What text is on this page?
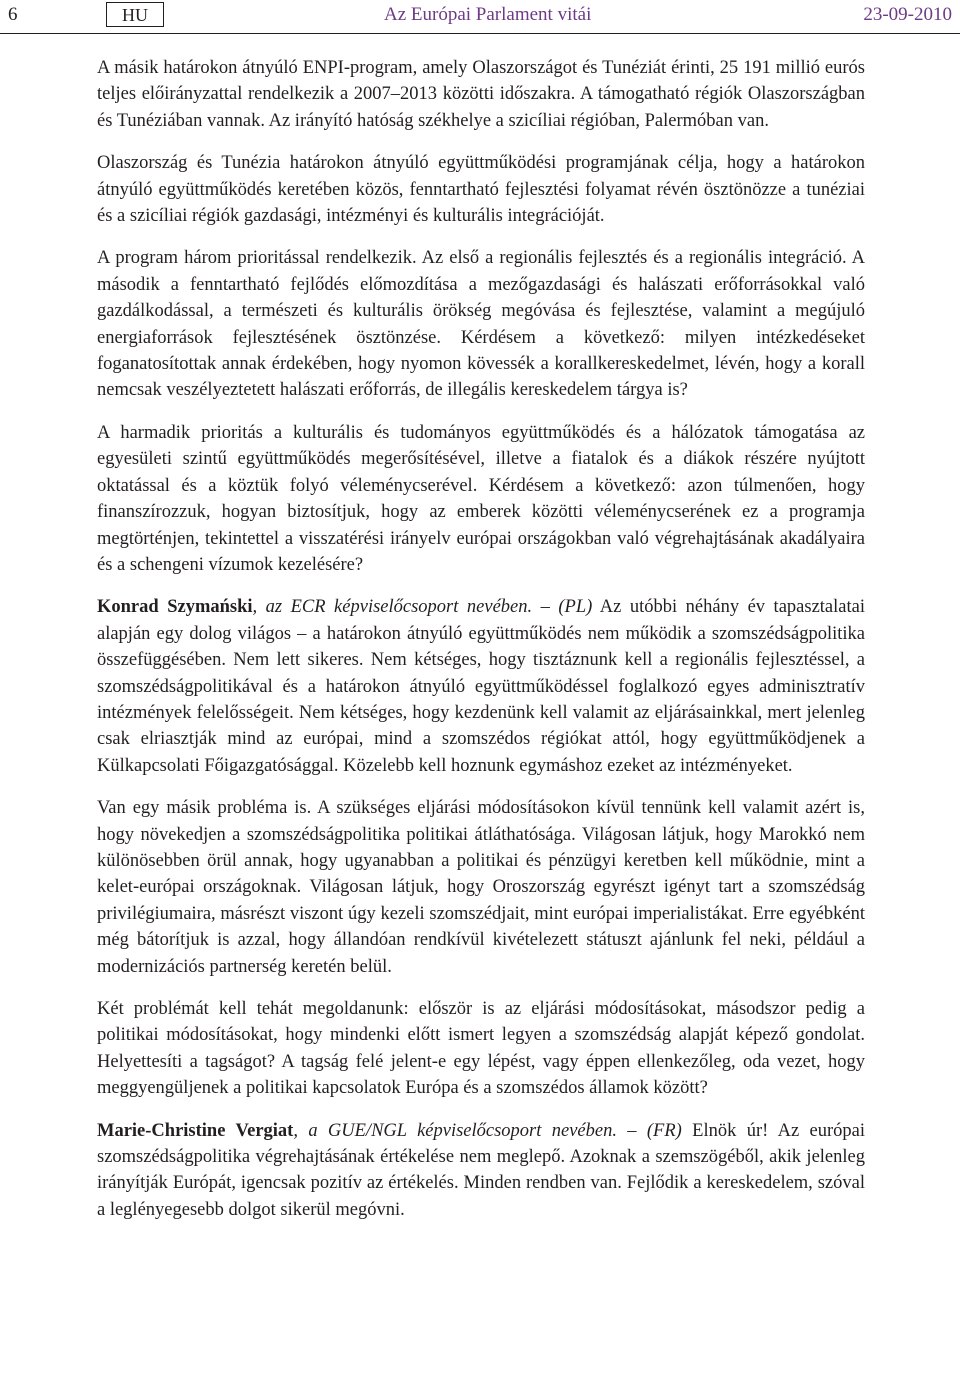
6	HU	Az Európai Parlament vitái	23-09-2010

A másik határokon átnyúló ENPI-program, amely Olaszországot és Tunéziát érinti, 25 191 millió eurós teljes előirányzattal rendelkezik a 2007–2013 közötti időszakra. A támogatható régiók Olaszországban és Tunéziában vannak. Az irányító hatóság székhelye a szicíliai régióban, Palermóban van.

Olaszország és Tunézia határokon átnyúló együttműködési programjának célja, hogy a határokon átnyúló együttműködés keretében közös, fenntartható fejlesztési folyamat révén ösztönözze a tunéziai és a szicíliai régiók gazdasági, intézményi és kulturális integrációját.

A program három prioritással rendelkezik. Az első a regionális fejlesztés és a regionális integráció. A második a fenntartható fejlődés előmozdítása a mezőgazdasági és halászati erőforrásokkal való gazdálkodással, a természeti és kulturális örökség megóvása és fejlesztése, valamint a megújuló energiaforrások fejlesztésének ösztönzése. Kérdésem a következő: milyen intézkedéseket foganatosítottak annak érdekében, hogy nyomon kövessék a korallkereskedelmet, lévén, hogy a korall nemcsak veszélyeztetett halászati erőforrás, de illegális kereskedelem tárgya is?

A harmadik prioritás a kulturális és tudományos együttműködés és a hálózatok támogatása az egyesületi szintű együttműködés megerősítésével, illetve a fiatalok és a diákok részére nyújtott oktatással és a köztük folyó véleménycserével. Kérdésem a következő: azon túlmenően, hogy finanszírozzuk, hogyan biztosítjuk, hogy az emberek közötti véleménycserének ez a programja megtörténjen, tekintettel a visszatérési irányelv európai országokban való végrehajtásának akadályaira és a schengeni vízumok kezelésére?

Konrad Szymański, az ECR képviselőcsoport nevében. – (PL) Az utóbbi néhány év tapasztalatai alapján egy dolog világos – a határokon átnyúló együttműködés nem működik a szomszédságpolitika összefüggésében. Nem lett sikeres. Nem kétséges, hogy tisztáznunk kell a regionális fejlesztéssel, a szomszédságpolitikával és a határokon átnyúló együttműködéssel foglalkozó egyes adminisztratív intézmények felelősségeit. Nem kétséges, hogy kezdenünk kell valamit az eljárásainkkal, mert jelenleg csak elriasztják mind az európai, mind a szomszédos régiókat attól, hogy együttműködjenek a Külkapcsolati Főigazgatósággal. Közelebb kell hoznunk egymáshoz ezeket az intézményeket.

Van egy másik probléma is. A szükséges eljárási módosításokon kívül tennünk kell valamit azért is, hogy növekedjen a szomszédságpolitika politikai átláthatósága. Világosan látjuk, hogy Marokkó nem különösebben örül annak, hogy ugyanabban a politikai és pénzügyi keretben kell működnie, mint a kelet-európai országoknak. Világosan látjuk, hogy Oroszország egyrészt igényt tart a szomszédság privilégiumaira, másrészt viszont úgy kezeli szomszédjait, mint európai imperialistákat. Erre egyébként még bátorítjuk is azzal, hogy állandóan rendkívül kivételezett státuszt ajánlunk fel neki, például a modernizációs partnerség keretén belül.

Két problémát kell tehát megoldanunk: először is az eljárási módosításokat, másodszor pedig a politikai módosításokat, hogy mindenki előtt ismert legyen a szomszédság alapját képező gondolat. Helyettesíti a tagságot? A tagság felé jelent-e egy lépést, vagy éppen ellenkezőleg, oda vezet, hogy meggyengüljenek a politikai kapcsolatok Európa és a szomszédos államok között?

Marie-Christine Vergiat, a GUE/NGL képviselőcsoport nevében. – (FR) Elnök úr! Az európai szomszédságpolitika végrehajtásának értékelése nem meglepő. Azoknak a szemszögéből, akik jelenleg irányítják Európát, igencsak pozitív az értékelés. Minden rendben van. Fejlődik a kereskedelem, szóval a leglényegesebb dolgot sikerül megóvni.
